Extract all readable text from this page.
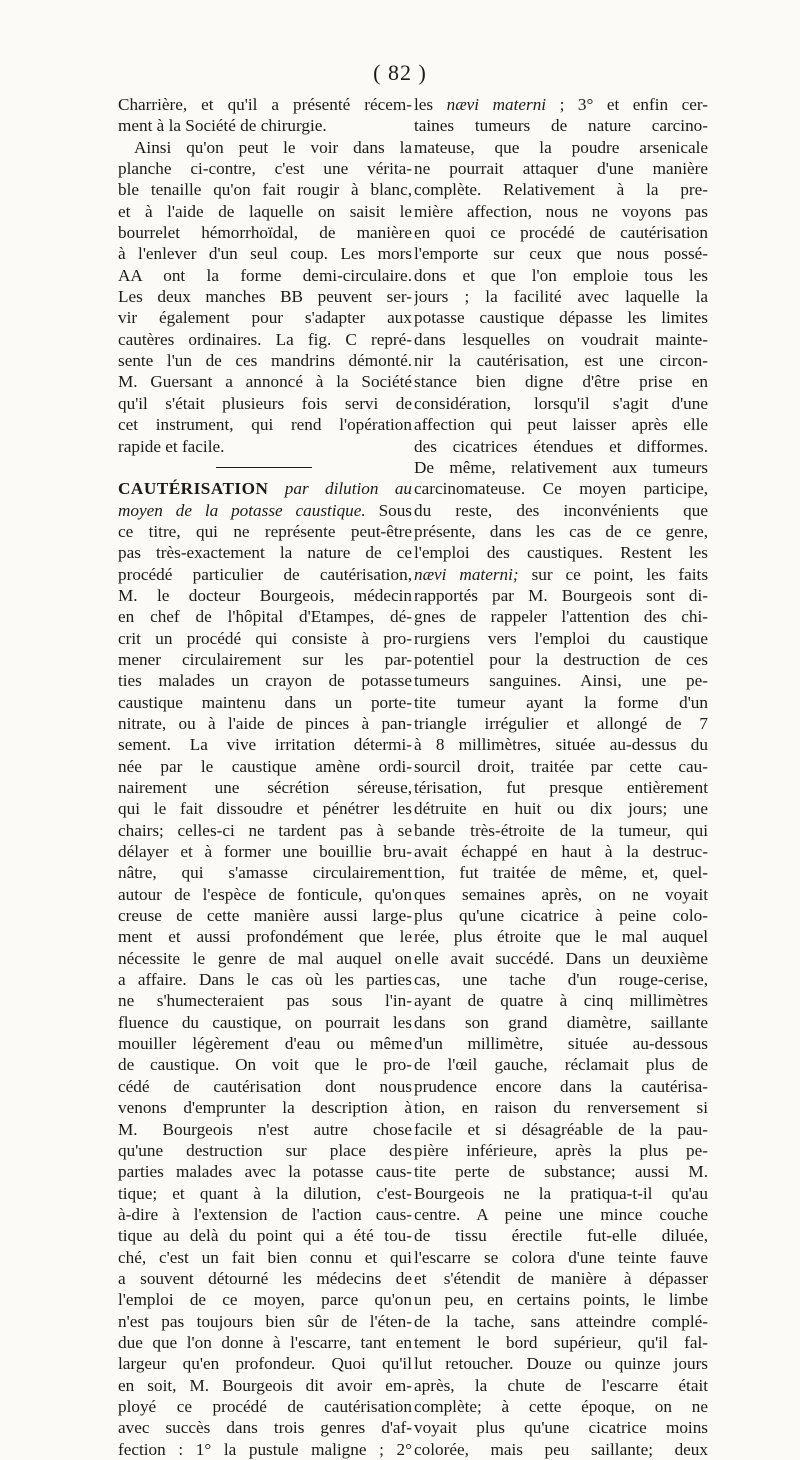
( 82 )
Charrière, et qu'il a présenté récem-
ment à la Société de chirurgie.
Ainsi qu'on peut le voir dans la
planche ci-contre, c'est une vérita-
ble tenaille qu'on fait rougir à blanc,
et à l'aide de laquelle on saisit le
bourrelet hémorrhoïdal, de manière
à l'enlever d'un seul coup. Les mors
AA ont la forme demi-circulaire.
Les deux manches BB peuvent ser-
vir également pour s'adapter aux
cautères ordinaires. La fig. C repré-
sente l'un de ces mandrins démonté.
M. Guersant a annoncé à la Société
qu'il s'était plusieurs fois servi de
cet instrument, qui rend l'opération
rapide et facile.
CAUTÉRISATION par dilution au
moyen de la potasse caustique. Sous
ce titre, qui ne représente peut-être
pas très-exactement la nature de ce
procédé particulier de cautérisation,
M. le docteur Bourgeois, médecin
en chef de l'hôpital d'Etampes, dé-
crit un procédé qui consiste à pro-
mener circulairement sur les par-
ties malades un crayon de potasse
caustique maintenu dans un porte-
nitrate, ou à l'aide de pinces à pan-
sement. La vive irritation détermi-
née par le caustique amène ordi-
nairement une sécrétion séreuse,
qui le fait dissoudre et pénétrer les
chairs; celles-ci ne tardent pas à se
délayer et à former une bouillie bru-
nâtre, qui s'amasse circulairement
autour de l'espèce de fonticule, qu'on
creuse de cette manière aussi large-
ment et aussi profondément que le
nécessite le genre de mal auquel on
a affaire. Dans le cas où les parties
ne s'humecteraient pas sous l'in-
fluence du caustique, on pourrait les
mouiller légèrement d'eau ou même
de caustique. On voit que le pro-
cédé de cautérisation dont nous
venons d'emprunter la description à
M. Bourgeois n'est autre chose
qu'une destruction sur place des
parties malades avec la potasse caus-
tique; et quant à la dilution, c'est-
à-dire à l'extension de l'action caus-
tique au delà du point qui a été tou-
ché, c'est un fait bien connu et qui
a souvent détourné les médecins de
l'emploi de ce moyen, parce qu'on
n'est pas toujours bien sûr de l'éten-
due que l'on donne à l'escarre, tant en
largeur qu'en profondeur. Quoi qu'il
en soit, M. Bourgeois dit avoir em-
ployé ce procédé de cautérisation
avec succès dans trois genres d'af-
fection : 1° la pustule maligne ; 2°
les nævi materni ; 3° et enfin cer-
taines tumeurs de nature carcino-
mateuse, que la poudre arsenicale
ne pourrait attaquer d'une manière
complète. Relativement à la pre-
mière affection, nous ne voyons pas
en quoi ce procédé de cautérisation
l'emporte sur ceux que nous possé-
dons et que l'on emploie tous les
jours ; la facilité avec laquelle la
potasse caustique dépasse les limites
dans lesquelles on voudrait mainte-
nir la cautérisation, est une circon-
stance bien digne d'être prise en
considération, lorsqu'il s'agit d'une
affection qui peut laisser après elle
des cicatrices étendues et difformes.
De même, relativement aux tumeurs
carcinomateuse. Ce moyen participe,
du reste, des inconvénients que
présente, dans les cas de ce genre,
l'emploi des caustiques. Restent les
nævi materni; sur ce point, les faits
rapportés par M. Bourgeois sont di-
gnes de rappeler l'attention des chi-
rurgiens vers l'emploi du caustique
potentiel pour la destruction de ces
tumeurs sanguines. Ainsi, une pe-
tite tumeur ayant la forme d'un
triangle irrégulier et allongé de 7
à 8 millimètres, située au-dessus du
sourcil droit, traitée par cette cau-
térisation, fut presque entièrement
détruite en huit ou dix jours; une
bande très-étroite de la tumeur, qui
avait échappé en haut à la destruc-
tion, fut traitée de même, et, quel-
ques semaines après, on ne voyait
plus qu'une cicatrice à peine colo-
rée, plus étroite que le mal auquel
elle avait succédé. Dans un deuxième
cas, une tache d'un rouge-cerise,
ayant de quatre à cinq millimètres
dans son grand diamètre, saillante
d'un millimètre, située au-dessous
de l'œil gauche, réclamait plus de
prudence encore dans la cautérisa-
tion, en raison du renversement si
facile et si désagréable de la pau-
pière inférieure, après la plus pe-
tite perte de substance; aussi M.
Bourgeois ne la pratiqua-t-il qu'au
centre. A peine une mince couche
de tissu érectile fut-elle diluée,
l'escarre se colora d'une teinte fauve
et s'étendit de manière à dépasser
un peu, en certains points, le limbe
de la tache, sans atteindre complé-
tement le bord supérieur, qu'il fal-
lut retoucher. Douze ou quinze jours
après, la chute de l'escarre était
complète; à cette époque, on ne
voyait plus qu'une cicatrice moins
colorée, mais peu saillante; deux
